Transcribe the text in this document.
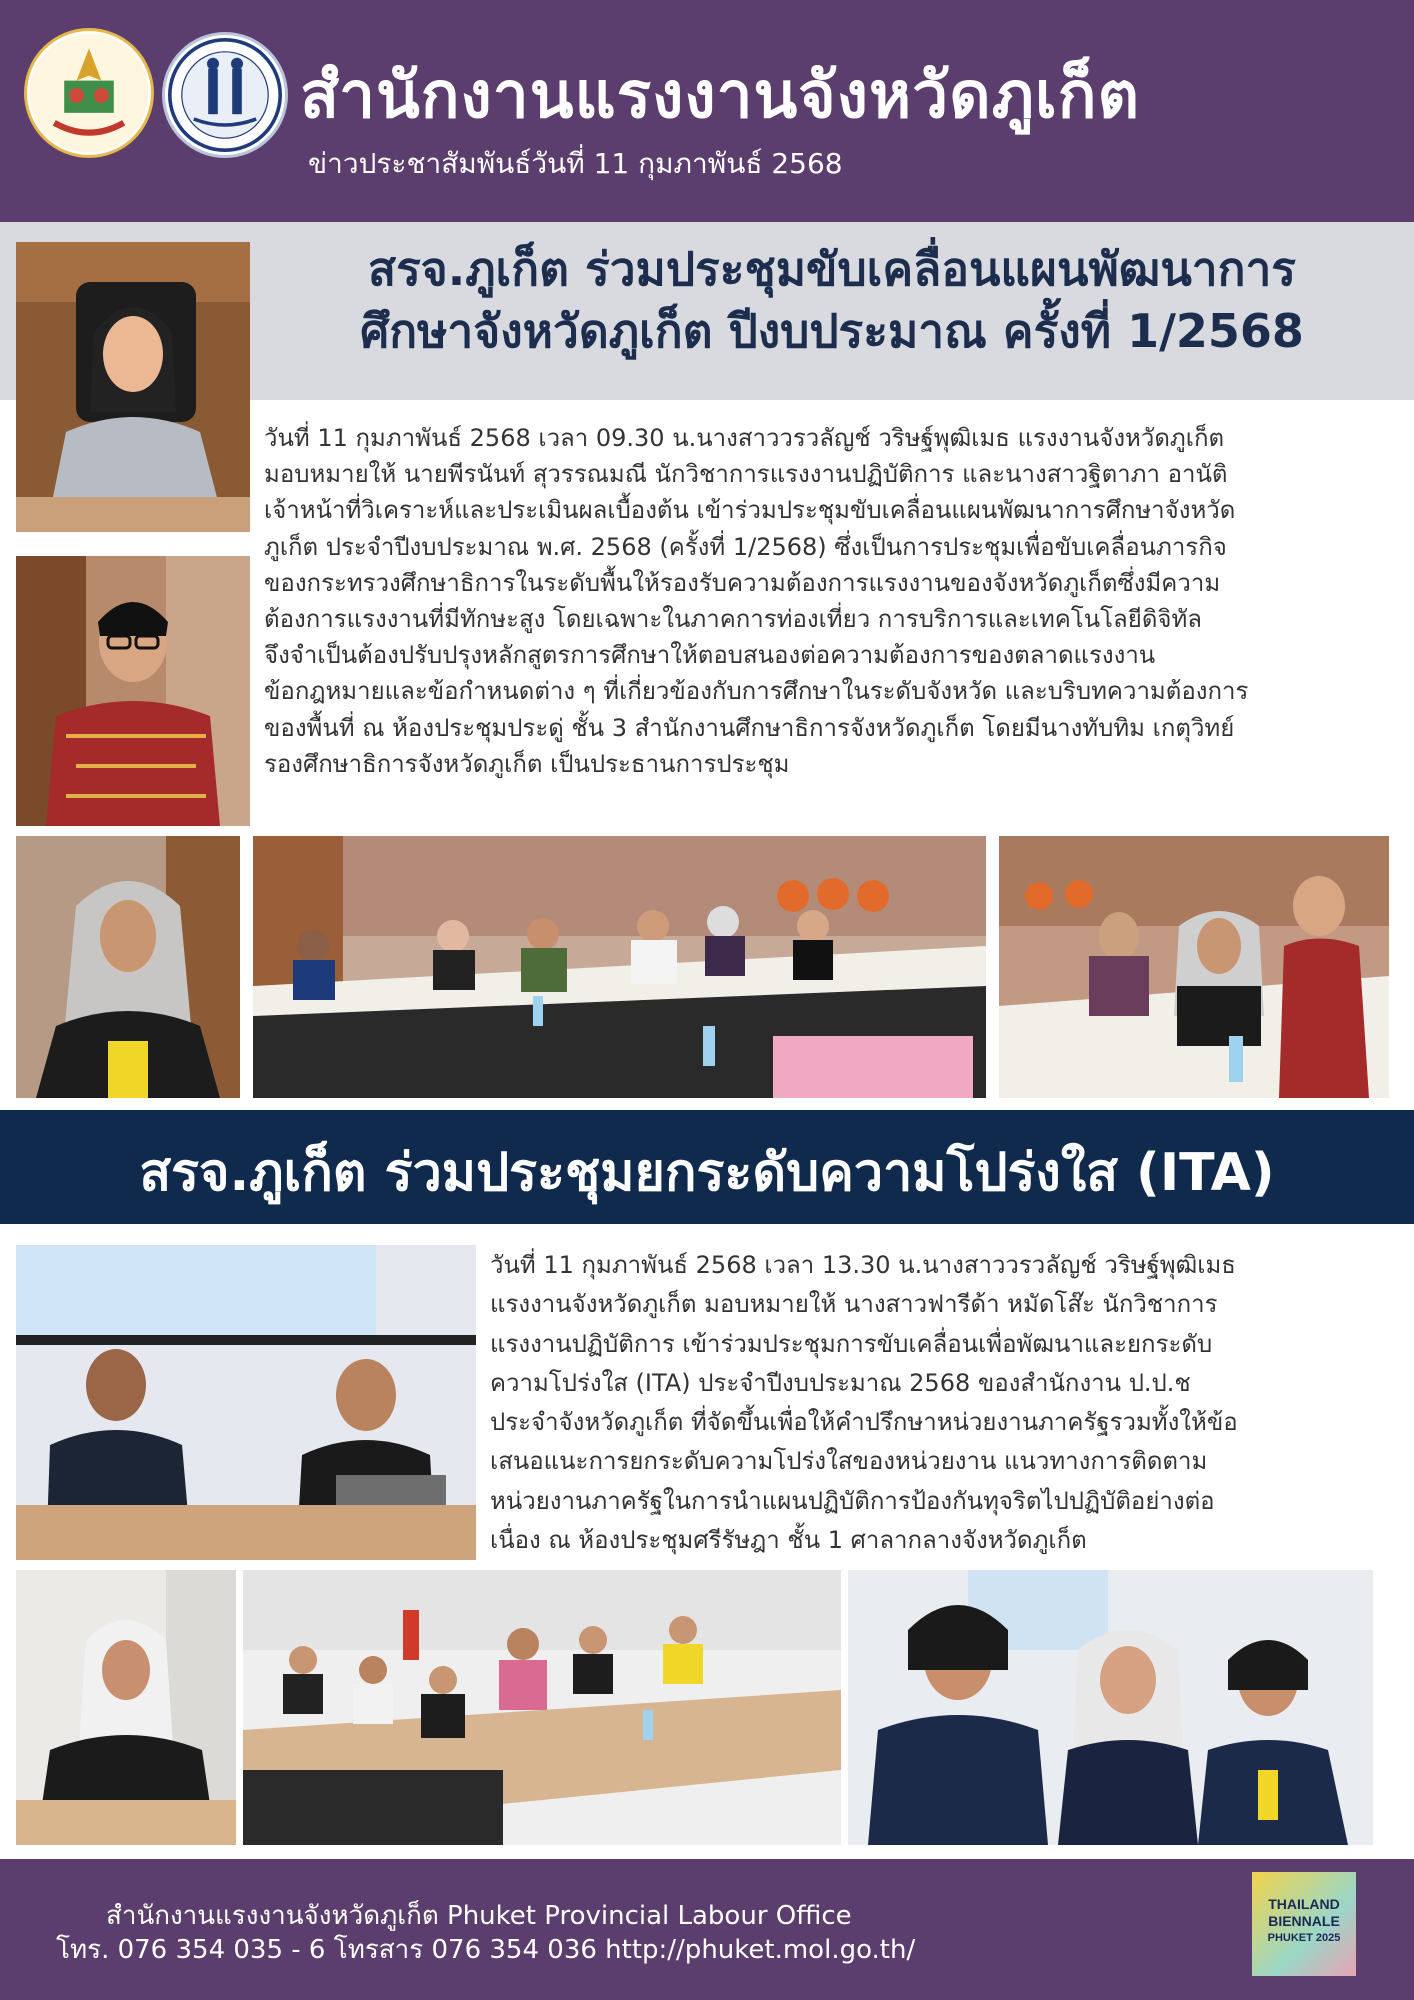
สำนักงานแรงงานจังหวัดภูเก็ต
ข่าวประชาสัมพันธ์วันที่ 11 กุมภาพันธ์ 2568
สรจ.ภูเก็ต ร่วมประชุมขับเคลื่อนแผนพัฒนาการ
ศึกษาจังหวัดภูเก็ต ปีงบประมาณ ครั้งที่ 1/2568
วันที่ 11 กุมภาพันธ์ 2568 เวลา 09.30 น.นางสาววรวลัญช์ วริษฐ์พุฒิเมธ แรงงานจังหวัดภูเก็ต
มอบหมายให้ นายพีรนันท์ สุวรรณมณี นักวิชาการแรงงานปฏิบัติการ และนางสาวฐิตาภา อานัติ
เจ้าหน้าที่วิเคราะห์และประเมินผลเบื้องต้น เข้าร่วมประชุมขับเคลื่อนแผนพัฒนาการศึกษาจังหวัด
ภูเก็ต ประจำปีงบประมาณ พ.ศ. 2568 (ครั้งที่ 1/2568) ซึ่งเป็นการประชุมเพื่อขับเคลื่อนภารกิจ
ของกระทรวงศึกษาธิการในระดับพื้นให้รองรับความต้องการแรงงานของจังหวัดภูเก็ตซึ่งมีความ
ต้องการแรงงานที่มีทักษะสูง โดยเฉพาะในภาคการท่องเที่ยว การบริการและเทคโนโลยีดิจิทัล
จึงจำเป็นต้องปรับปรุงหลักสูตรการศึกษาให้ตอบสนองต่อความต้องการของตลาดแรงงาน
ข้อกฎหมายและข้อกำหนดต่าง ๆ ที่เกี่ยวข้องกับการศึกษาในระดับจังหวัด และบริบทความต้องการ
ของพื้นที่ ณ ห้องประชุมประดู่ ชั้น 3 สำนักงานศึกษาธิการจังหวัดภูเก็ต โดยมีนางทับทิม เกตุวิทย์
รองศึกษาธิการจังหวัดภูเก็ต เป็นประธานการประชุม
สรจ.ภูเก็ต ร่วมประชุมยกระดับความโปร่งใส (ITA)
วันที่ 11 กุมภาพันธ์ 2568 เวลา 13.30 น.นางสาววรวลัญช์ วริษฐ์พุฒิเมธ
แรงงานจังหวัดภูเก็ต มอบหมายให้ นางสาวฟารีด้า หมัดโส๊ะ นักวิชาการ
แรงงานปฏิบัติการ เข้าร่วมประชุมการขับเคลื่อนเพื่อพัฒนาและยกระดับ
ความโปร่งใส (ITA) ประจำปีงบประมาณ 2568 ของสำนักงาน ป.ป.ช
ประจำจังหวัดภูเก็ต ที่จัดขึ้นเพื่อให้คำปรึกษาหน่วยงานภาครัฐรวมทั้งให้ข้อ
เสนอแนะการยกระดับความโปร่งใสของหน่วยงาน แนวทางการติดตาม
หน่วยงานภาครัฐในการนำแผนปฏิบัติการป้องกันทุจริตไปปฏิบัติอย่างต่อ
เนื่อง ณ ห้องประชุมศรีรัษฎา ชั้น 1 ศาลากลางจังหวัดภูเก็ต
สำนักงานแรงงานจังหวัดภูเก็ต Phuket Provincial Labour Office
โทร. 076 354 035 - 6 โทรสาร 076 354 036 http://phuket.mol.go.th/
THAILAND
BIENNALE
PHUKET 2025
